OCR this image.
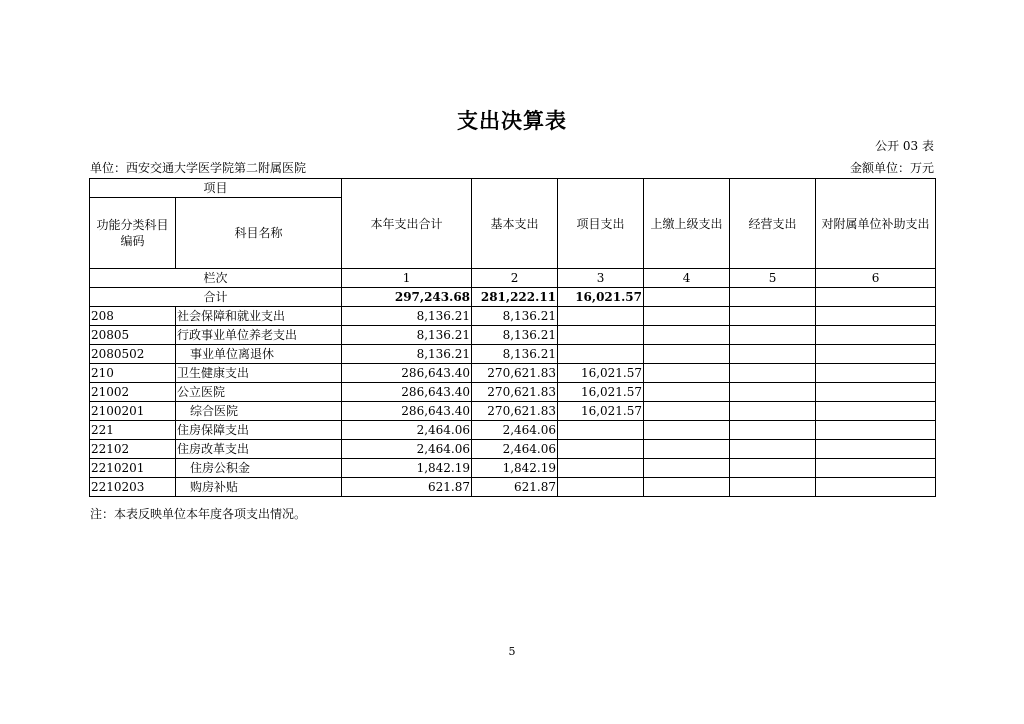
支出决算表
公开 03 表
单位：西安交通大学医学院第二附属医院	金额单位：万元
项目		本年支出合计	基本支出	项目支出	上缴上级支出	经营支出	对附属单位补助支出
功能分类科目编码	科目名称						
栏次		1	2	3	4	5	6
合计		297,243.68	281,222.11	16,021.57			
208	社会保障和就业支出	8,136.21	8,136.21				
20805	行政事业单位养老支出	8,136.21	8,136.21				
2080502	事业单位离退休	8,136.21	8,136.21				
210	卫生健康支出	286,643.40	270,621.83	16,021.57			
21002	公立医院	286,643.40	270,621.83	16,021.57			
2100201	综合医院	286,643.40	270,621.83	16,021.57			
221	住房保障支出	2,464.06	2,464.06				
22102	住房改革支出	2,464.06	2,464.06				
2210201	住房公积金	1,842.19	1,842.19				
2210203	购房补贴	621.87	621.87				
注：本表反映单位本年度各项支出情况。
5
